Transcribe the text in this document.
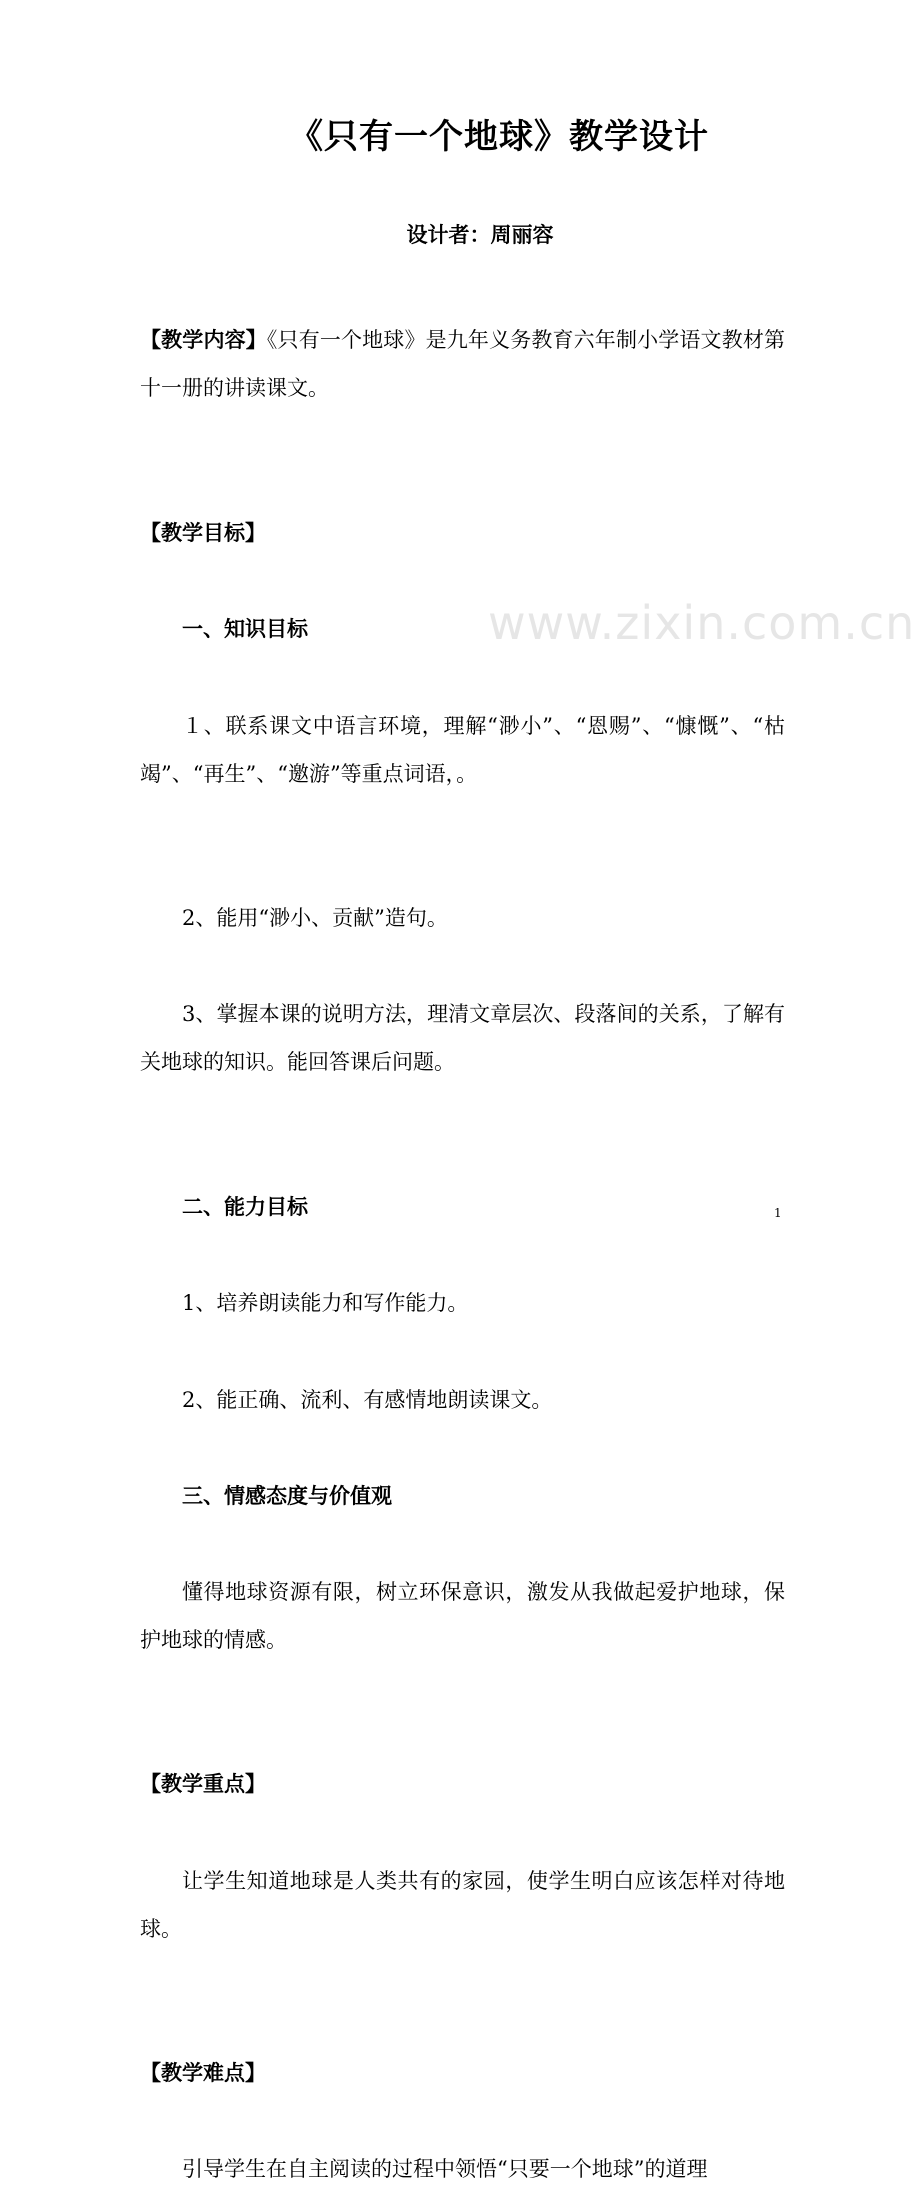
www.zixin.com.cn
《只有一个地球》教学设计
设计者：周丽容
【教学内容】《只有一个地球》是九年义务教育六年制小学语文教材第十一册的讲读课文。
【教学目标】
一、知识目标
１、联系课文中语言环境，理解“渺小”、“恩赐”、“慷慨”、“枯竭”、“再生”、“邀游”等重点词语，。
2、能用“渺小、贡献”造句。
3、掌握本课的说明方法，理清文章层次、段落间的关系，了解有关地球的知识。能回答课后问题。
二、能力目标
1、培养朗读能力和写作能力。
2、能正确、流利、有感情地朗读课文。
三、情感态度与价值观
懂得地球资源有限，树立环保意识，激发从我做起爱护地球，保护地球的情感。
【教学重点】
让学生知道地球是人类共有的家园，使学生明白应该怎样对待地球。
【教学难点】
引导学生在自主阅读的过程中领悟“只要一个地球”的道理
1
